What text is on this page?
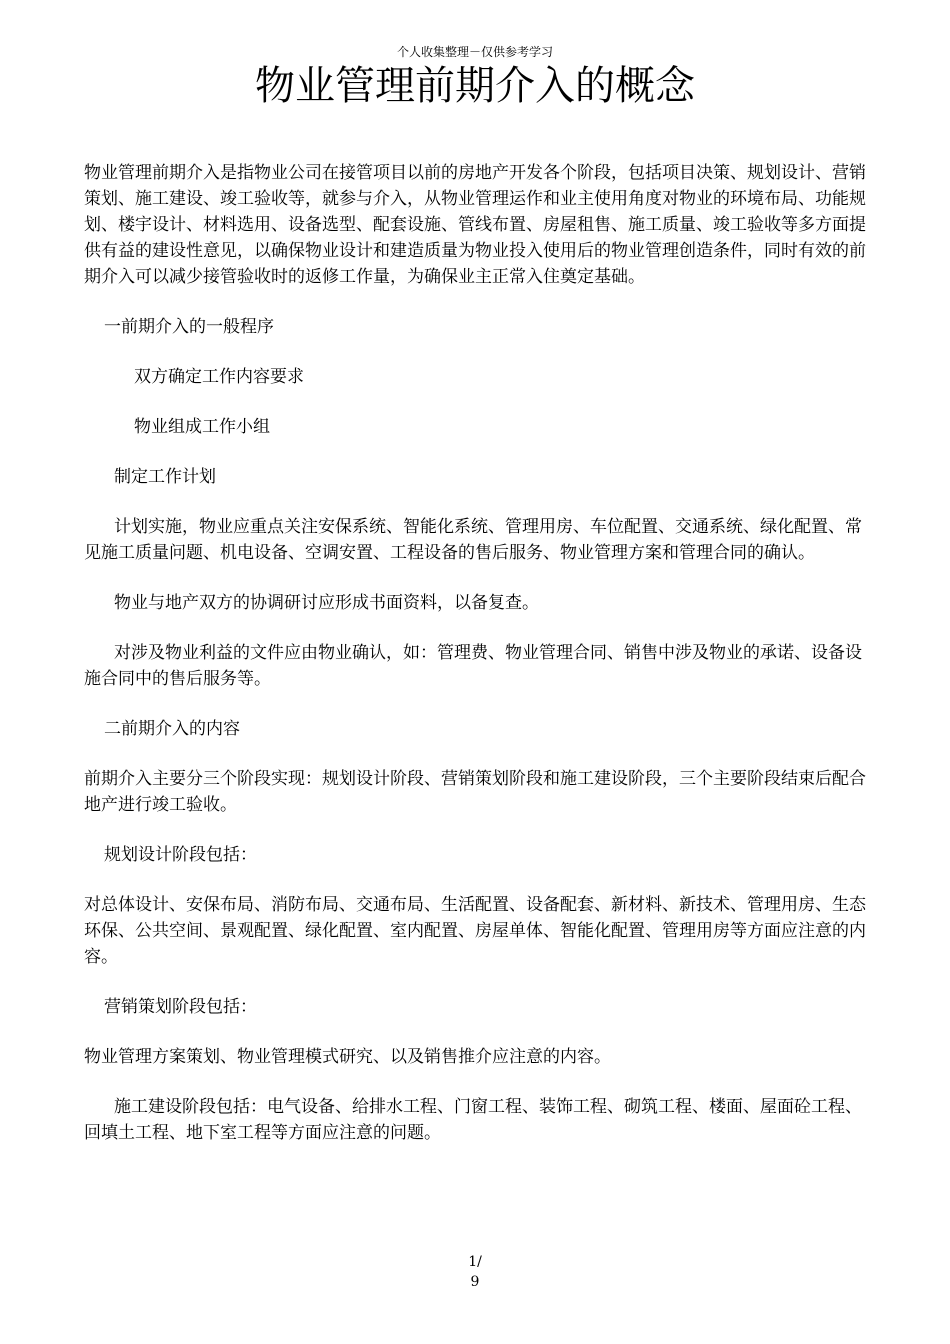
个人收集整理－仅供参考学习
物业管理前期介入的概念

物业管理前期介入是指物业公司在接管项目以前的房地产开发各个阶段，包括项目决策、规划设计、营销策划、施工建设、竣工验收等，就参与介入，从物业管理运作和业主使用角度对物业的环境布局、功能规划、楼宇设计、材料选用、设备选型、配套设施、管线布置、房屋租售、施工质量、竣工验收等多方面提供有益的建设性意见，以确保物业设计和建造质量为物业投入使用后的物业管理创造条件，同时有效的前期介入可以减少接管验收时的返修工作量，为确保业主正常入住奠定基础。

一前期介入的一般程序

双方确定工作内容要求

物业组成工作小组

制定工作计划

计划实施，物业应重点关注安保系统、智能化系统、管理用房、车位配置、交通系统、绿化配置、常见施工质量问题、机电设备、空调安置、工程设备的售后服务、物业管理方案和管理合同的确认。

物业与地产双方的协调研讨应形成书面资料，以备复查。

对涉及物业利益的文件应由物业确认，如：管理费、物业管理合同、销售中涉及物业的承诺、设备设施合同中的售后服务等。

二前期介入的内容

前期介入主要分三个阶段实现：规划设计阶段、营销策划阶段和施工建设阶段，三个主要阶段结束后配合地产进行竣工验收。

规划设计阶段包括：

对总体设计、安保布局、消防布局、交通布局、生活配置、设备配套、新材料、新技术、管理用房、生态环保、公共空间、景观配置、绿化配置、室内配置、房屋单体、智能化配置、管理用房等方面应注意的内容。

营销策划阶段包括：

物业管理方案策划、物业管理模式研究、以及销售推介应注意的内容。

施工建设阶段包括：电气设备、给排水工程、门窗工程、装饰工程、砌筑工程、楼面、屋面砼工程、回填土工程、地下室工程等方面应注意的问题。

1/
9
